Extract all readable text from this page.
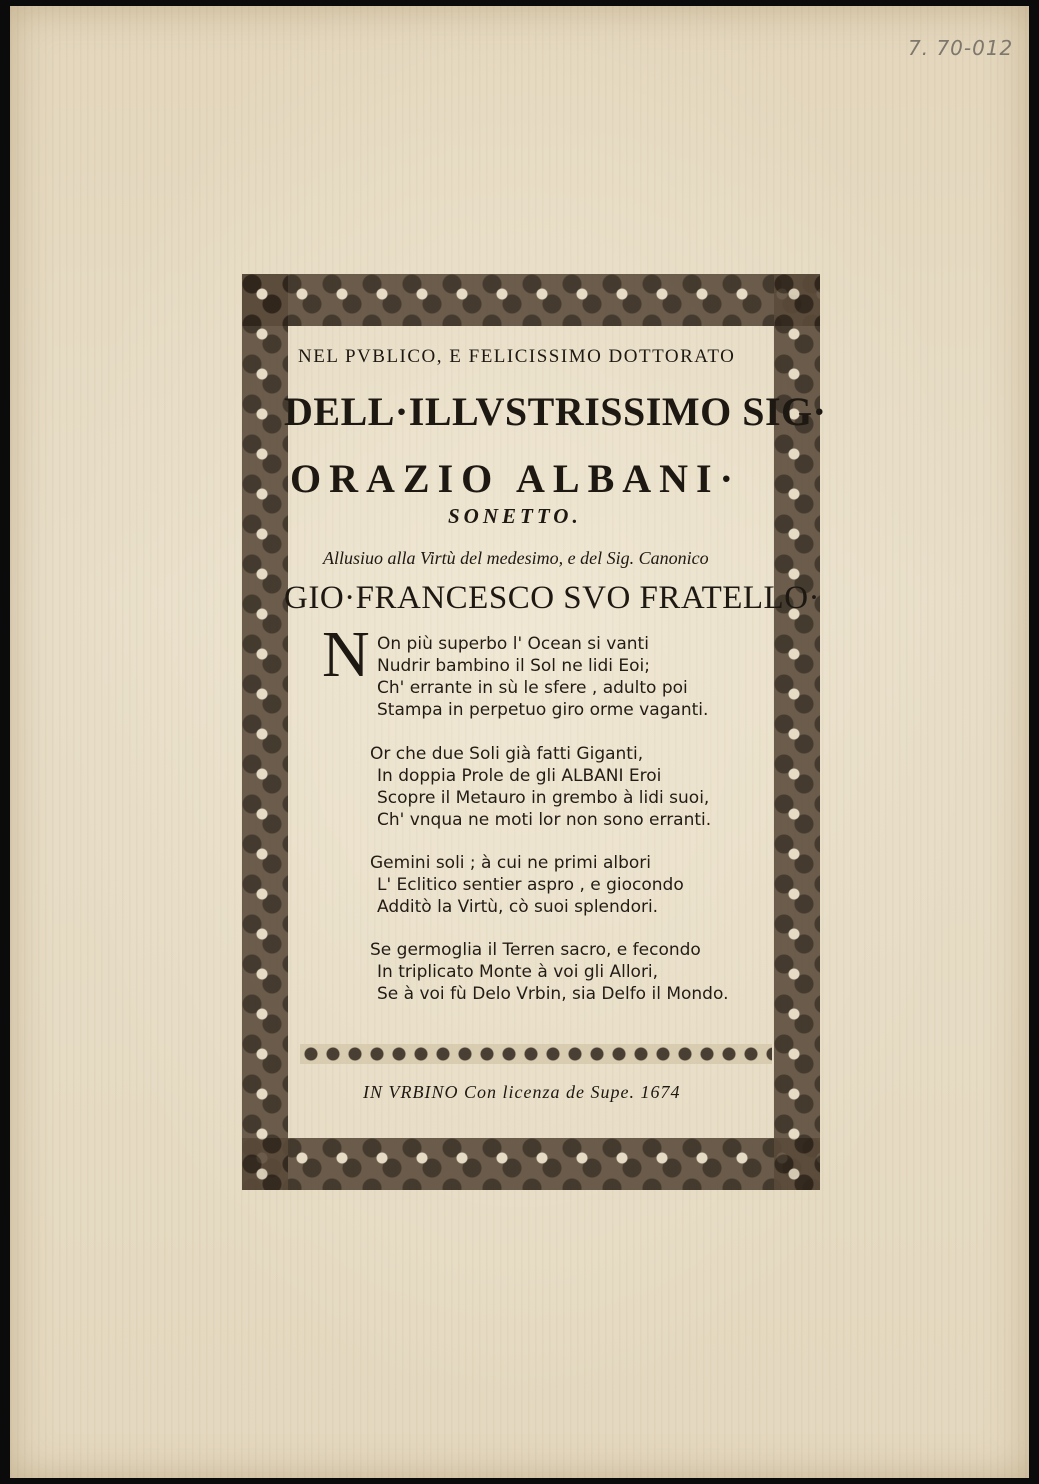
7. 70-012
NEL PVBLICO, E FELICISSIMO DOTTORATO
DELL·ILLVSTRISSIMO SIG·
ORAZIO ALBANI·
SONETTO.
Allusiuo alla Virtù del medesimo, e del Sig. Canonico
GIO·FRANCESCO SVO FRATELLO·
N On più superbo l' Ocean si vanti
Nudrir bambino il Sol ne lidi Eoi;
Ch' errante in sù le sfere , adulto poi
Stampa in perpetuo giro orme vaganti.
Or che due Soli già fatti Giganti,
In doppia Prole de gli ALBANI Eroi
Scopre il Metauro in grembo à lidi suoi,
Ch' vnqua ne moti lor non sono erranti.
Gemini soli ; à cui ne primi albori
L' Eclitico sentier aspro , e giocondo
Additò la Virtù, cò suoi splendori.
Se germoglia il Terren sacro, e fecondo
In triplicato Monte à voi gli Allori,
Se à voi fù Delo Vrbin, sia Delfo il Mondo.
IN VRBINO Con licenza de Supe. 1674
